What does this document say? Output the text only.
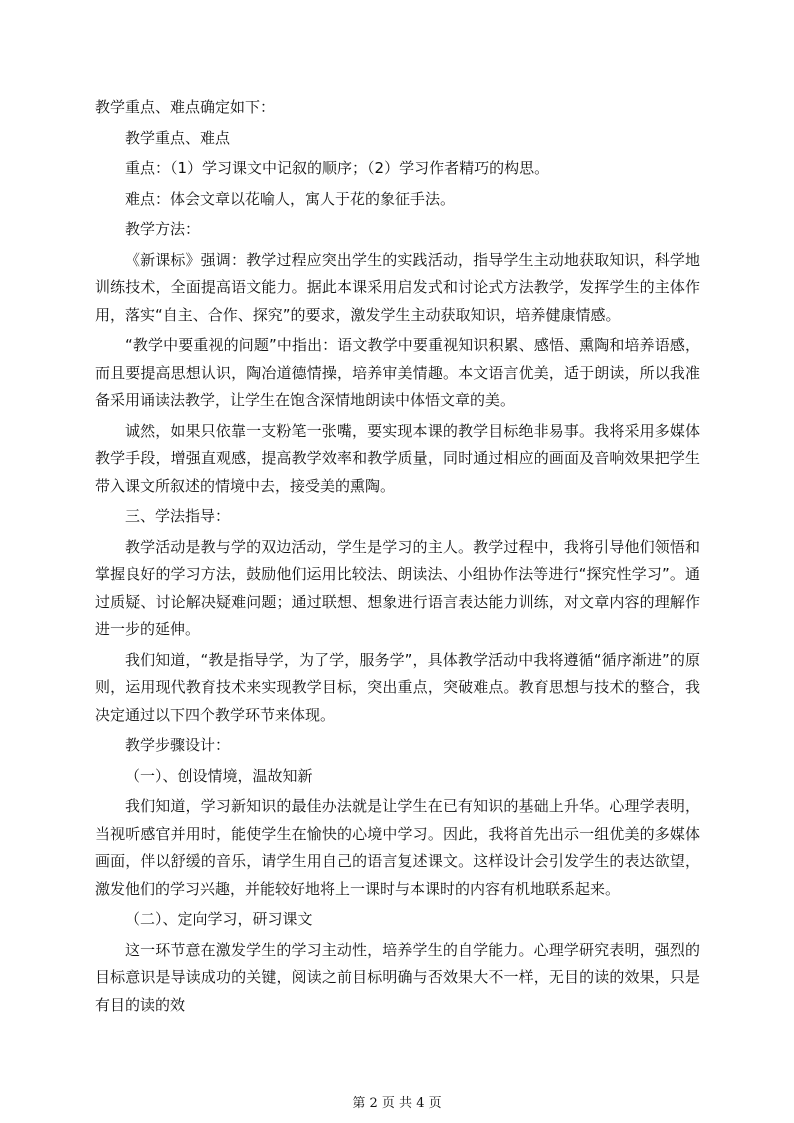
教学重点、难点确定如下：

教学重点、难点

重点：（1）学习课文中记叙的顺序；（2）学习作者精巧的构思。

难点：体会文章以花喻人，寓人于花的象征手法。

教学方法：

《新课标》强调：教学过程应突出学生的实践活动，指导学生主动地获取知识，科学地训练技术，全面提高语文能力。据此本课采用启发式和讨论式方法教学，发挥学生的主体作用，落实“自主、合作、探究”的要求，激发学生主动获取知识，培养健康情感。

“教学中要重视的问题”中指出：语文教学中要重视知识积累、感悟、熏陶和培养语感，而且要提高思想认识，陶冶道德情操，培养审美情趣。本文语言优美，适于朗读，所以我准备采用诵读法教学，让学生在饱含深情地朗读中体悟文章的美。

诚然，如果只依靠一支粉笔一张嘴，要实现本课的教学目标绝非易事。我将采用多媒体教学手段，增强直观感，提高教学效率和教学质量，同时通过相应的画面及音响效果把学生带入课文所叙述的情境中去，接受美的熏陶。

三、学法指导：

教学活动是教与学的双边活动，学生是学习的主人。教学过程中，我将引导他们领悟和掌握良好的学习方法，鼓励他们运用比较法、朗读法、小组协作法等进行“探究性学习”。通过质疑、讨论解决疑难问题；通过联想、想象进行语言表达能力训练，对文章内容的理解作进一步的延伸。

我们知道，“教是指导学，为了学，服务学”，具体教学活动中我将遵循“循序渐进”的原则，运用现代教育技术来实现教学目标，突出重点，突破难点。教育思想与技术的整合，我决定通过以下四个教学环节来体现。

教学步骤设计：

（一）、创设情境，温故知新

我们知道，学习新知识的最佳办法就是让学生在已有知识的基础上升华。心理学表明，当视听感官并用时，能使学生在愉快的心境中学习。因此，我将首先出示一组优美的多媒体画面，伴以舒缓的音乐，请学生用自己的语言复述课文。这样设计会引发学生的表达欲望，激发他们的学习兴趣，并能较好地将上一课时与本课时的内容有机地联系起来。

（二）、定向学习，研习课文

这一环节意在激发学生的学习主动性，培养学生的自学能力。心理学研究表明，强烈的目标意识是导读成功的关键，阅读之前目标明确与否效果大不一样，无目的读的效果，只是有目的读的效

第 2 页 共 4 页
